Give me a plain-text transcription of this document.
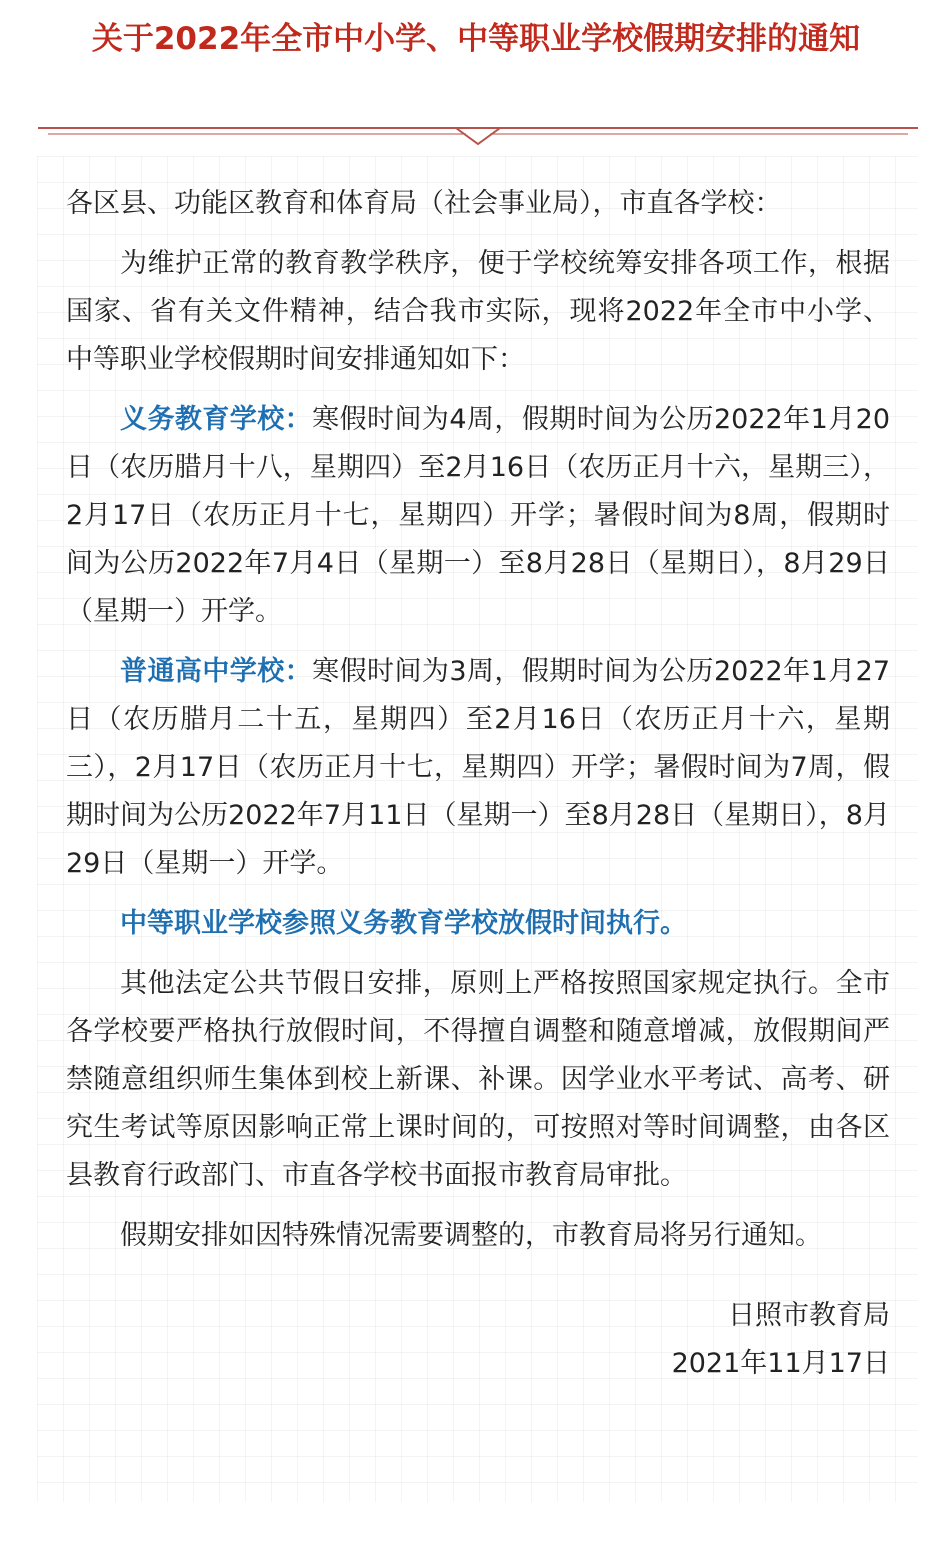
关于2022年全市中小学、中等职业学校假期安排的通知

各区县、功能区教育和体育局（社会事业局），市直各学校：

为维护正常的教育教学秩序，便于学校统筹安排各项工作，根据国家、省有关文件精神，结合我市实际，现将2022年全市中小学、中等职业学校假期时间安排通知如下：

义务教育学校：寒假时间为4周，假期时间为公历2022年1月20日（农历腊月十八，星期四）至2月16日（农历正月十六，星期三），2月17日（农历正月十七，星期四）开学；暑假时间为8周，假期时间为公历2022年7月4日（星期一）至8月28日（星期日），8月29日（星期一）开学。

普通高中学校：寒假时间为3周，假期时间为公历2022年1月27日（农历腊月二十五，星期四）至2月16日（农历正月十六，星期三），2月17日（农历正月十七，星期四）开学；暑假时间为7周，假期时间为公历2022年7月11日（星期一）至8月28日（星期日），8月29日（星期一）开学。

中等职业学校参照义务教育学校放假时间执行。

其他法定公共节假日安排，原则上严格按照国家规定执行。全市各学校要严格执行放假时间，不得擅自调整和随意增减，放假期间严禁随意组织师生集体到校上新课、补课。因学业水平考试、高考、研究生考试等原因影响正常上课时间的，可按照对等时间调整，由各区县教育行政部门、市直各学校书面报市教育局审批。

假期安排如因特殊情况需要调整的，市教育局将另行通知。

日照市教育局

2021年11月17日
